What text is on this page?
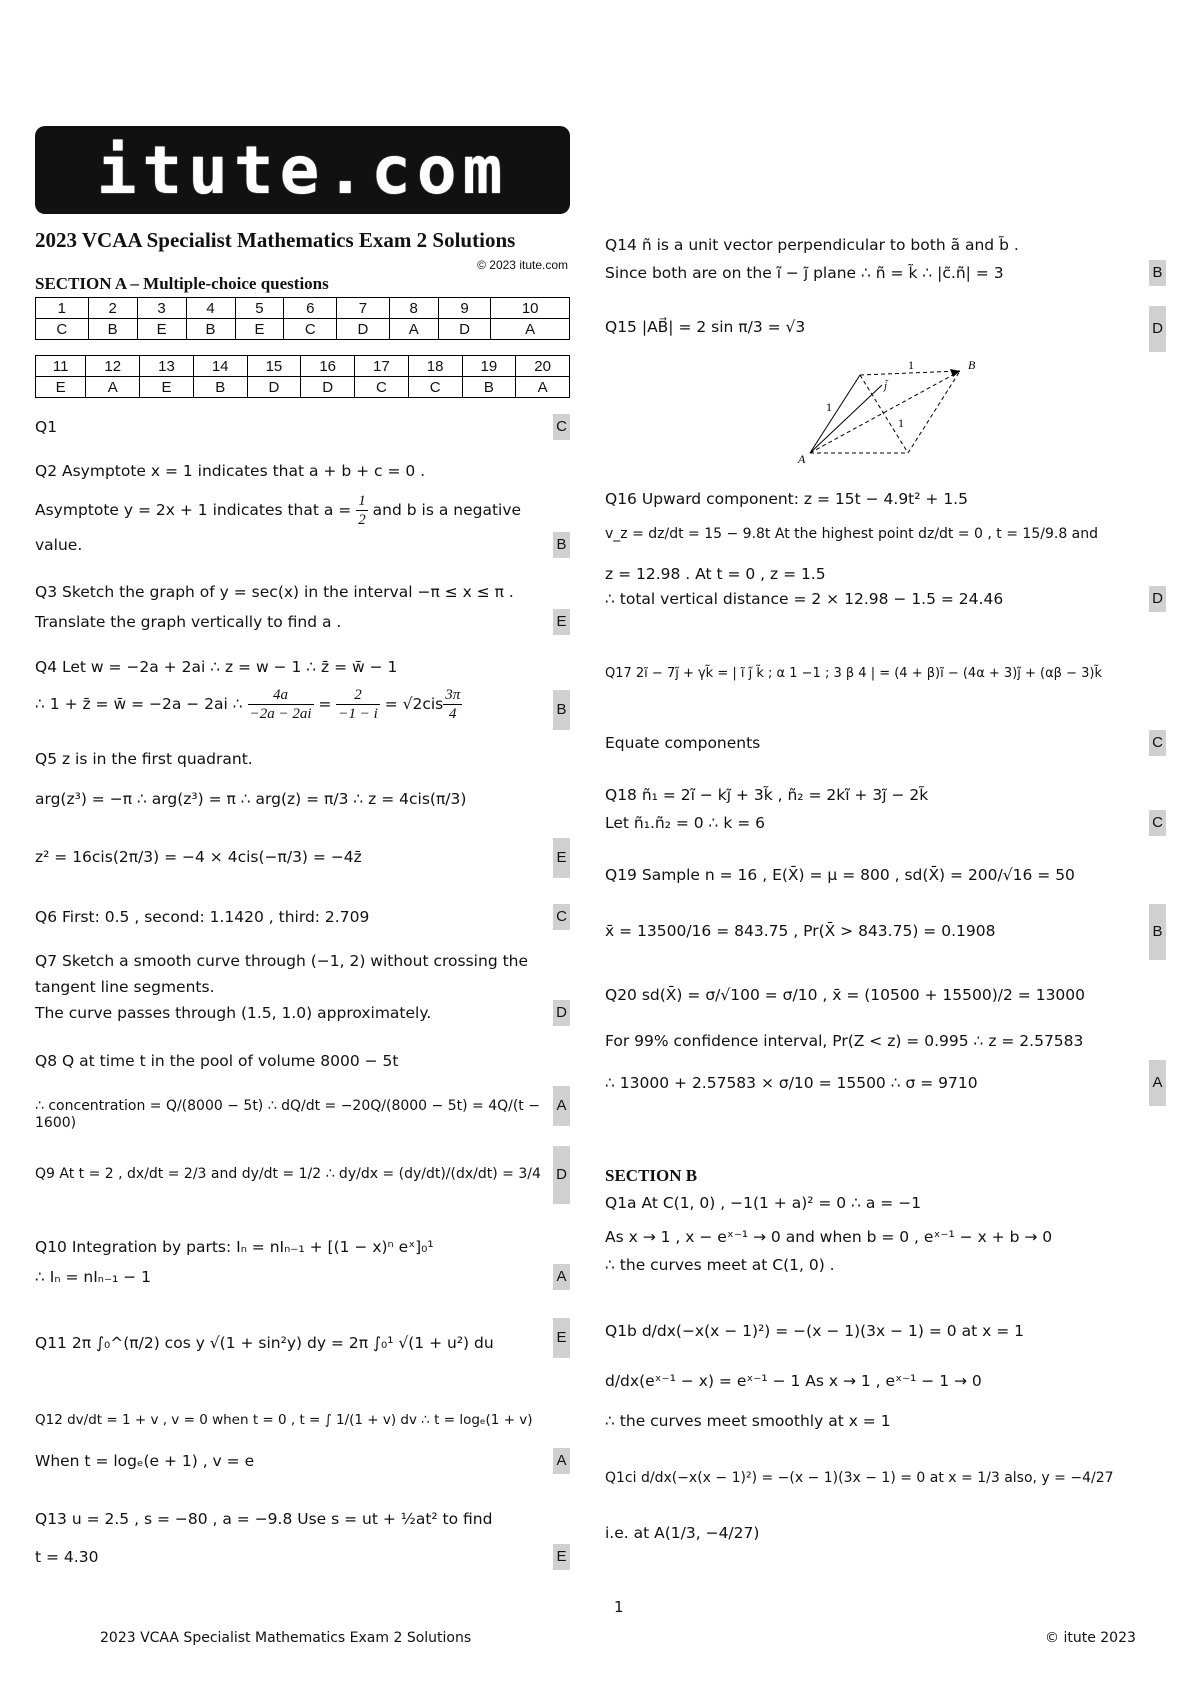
itute.com
2023 VCAA Specialist Mathematics Exam 2 Solutions
© 2023 itute.com
SECTION A – Multiple-choice questions
1	2	3	4	5	6	7	8	9	10
C	B	E	B	E	C	D	A	D	A
11	12	13	14	15	16	17	18	19	20
E	A	E	B	D	D	C	C	B	A
Q1	C
Q2 Asymptote x = 1 indicates that a + b + c = 0 .
Asymptote y = 2x + 1 indicates that $a = \frac{1}{2}$ and b is a negative
value.	B
Q3 Sketch the graph of y = sec(x) in the interval −π ≤ x ≤ π .
Translate the graph vertically to find a .	E
Q4 Let w = −2a + 2ai ∴ z = w − 1 ∴ z̄ = w̄ − 1
∴ 1 + z̄ = w̄ = −2a − 2ai ∴ $\frac{4a}{-2a - 2ai} = \frac{2}{-1 - i} = √2cis \frac{3\pi}{4}$	B
Q5 z is in the first quadrant.
arg(z³) = −π ∴ arg(z³) = π ∴ arg(z) = π/3 ∴ z = 4cis(π/3)
z² = 16cis(2π/3) = −4 × 4cis(−π/3) = −4z̄	E
Q6 First: 0.5 , second: 1.1420 , third: 2.709	C
Q7 Sketch a smooth curve through (−1, 2) without crossing the
tangent line segments.
The curve passes through (1.5, 1.0) approximately.	D
Q8 Q at time t in the pool of volume 8000 − 5t
∴ concentration = Q/(8000 − 5t) ∴ dQ/dt = −20Q/(8000 − 5t) = 4Q/(t − 1600)
A
Q9 At t = 2 , dx/dt = 2/3 and dy/dt = 1/2 ∴ dy/dx = (dy/dt)/(dx/dt) = 3/4	D
Q10 Integration by parts: Iₙ = nIₙ₋₁ + [(1 − x)ⁿ eˣ]₀¹
∴ Iₙ = nIₙ₋₁ − 1	A
Q11 2π ∫₀^(π/2) cos y √(1 + sin²y) dy = 2π ∫₀¹ √(1 + u²) du	E
Q12 dv/dt = 1 + v , v = 0 when t = 0 , t = ∫ 1/(1 + v) dv ∴ t = logₑ(1 + v)
When t = logₑ(e + 1) , v = e	A
Q13 u = 2.5 , s = −80 , a = −9.8 Use s = ut + ½at² to find
t = 4.30	E
Q14 ñ is a unit vector perpendicular to both ã and b̃ .
Since both are on the ĩ − j̃ plane ∴ ñ = k̃ ∴ |c̃.ñ| = 3	B
Q15 |AB⃗| = 2 sin π/3 = √3	D
A
B
1
1
1
j̃
Q16 Upward component: z = 15t − 4.9t² + 1.5
v_z = dz/dt = 15 − 9.8t At the highest point dz/dt = 0 , t = 15/9.8 and
z = 12.98 . At t = 0 , z = 1.5
∴ total vertical distance = 2 × 12.98 − 1.5 = 24.46	D
Q17 2ĩ − 7j̃ + γk̃ = | ĩ j̃ k̃ ; α 1 −1 ; 3 β 4 | = (4 + β)ĩ − (4α + 3)j̃ + (αβ − 3)k̃
Equate components	C
Q18 ñ₁ = 2ĩ − kj̃ + 3k̃ , ñ₂ = 2kĩ + 3j̃ − 2k̃
Let ñ₁.ñ₂ = 0 ∴ k = 6	C
Q19 Sample n = 16 , E(X̄) = μ = 800 , sd(X̄) = 200/√16 = 50
x̄ = 13500/16 = 843.75 , Pr(X̄ > 843.75) = 0.1908	B
Q20 sd(X̄) = σ/√100 = σ/10 , x̄ = (10500 + 15500)/2 = 13000
For 99% confidence interval, Pr(Z < z) = 0.995 ∴ z = 2.57583
∴ 13000 + 2.57583 × σ/10 = 15500 ∴ σ = 9710	A
SECTION B
Q1a At C(1, 0) , −1(1 + a)² = 0 ∴ a = −1
As x → 1 , x − eˣ⁻¹ → 0 and when b = 0 , eˣ⁻¹ − x + b → 0
∴ the curves meet at C(1, 0) .
Q1b d/dx(−x(x − 1)²) = −(x − 1)(3x − 1) = 0 at x = 1
d/dx(eˣ⁻¹ − x) = eˣ⁻¹ − 1 As x → 1 , eˣ⁻¹ − 1 → 0
∴ the curves meet smoothly at x = 1
Q1ci d/dx(−x(x − 1)²) = −(x − 1)(3x − 1) = 0 at x = 1/3 also, y = −4/27
i.e. at A(1/3, −4/27)
1
2023 VCAA Specialist Mathematics Exam 2 Solutions	© itute 2023
